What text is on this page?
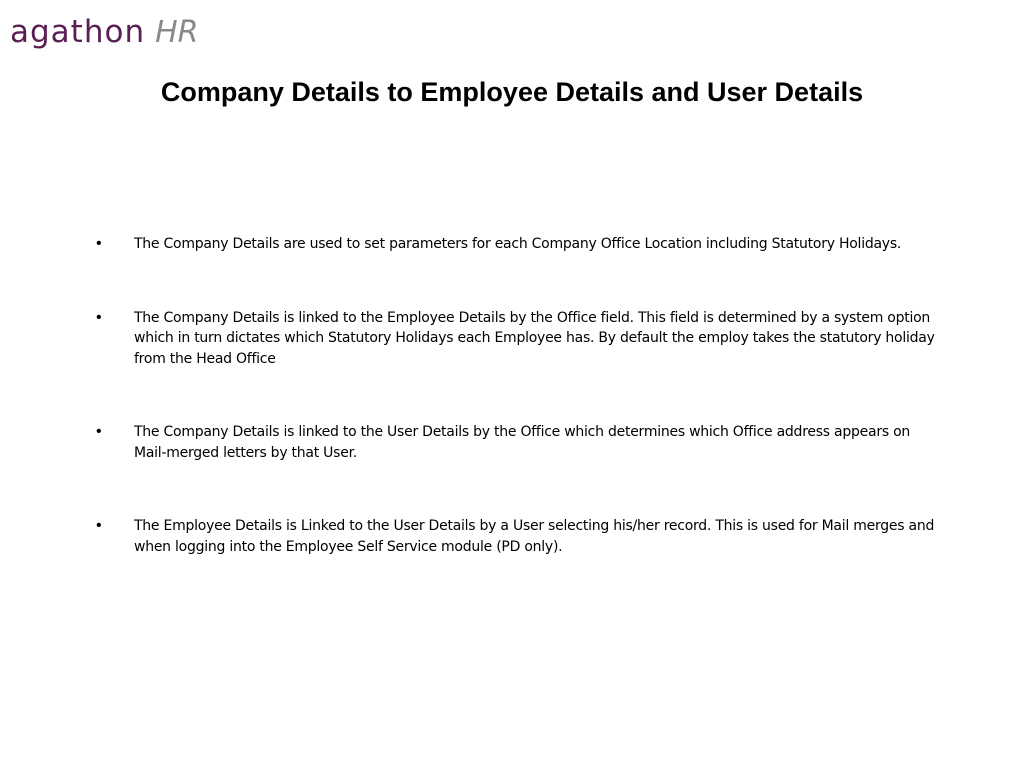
agathon HR
Company Details to Employee Details and User Details
• The Company Details are used to set parameters for each Company Office Location including Statutory Holidays.
• The Company Details is linked to the Employee Details by the Office field. This field is determined by a system option which in turn dictates which Statutory Holidays each Employee has. By default the employ takes the statutory holiday from the Head Office
• The Company Details is linked to the User Details by the Office which determines which Office address appears on Mail-merged letters by that User.
• The Employee Details is Linked to the User Details by a User selecting his/her record. This is used for Mail merges and when logging into the Employee Self Service module (PD only).
